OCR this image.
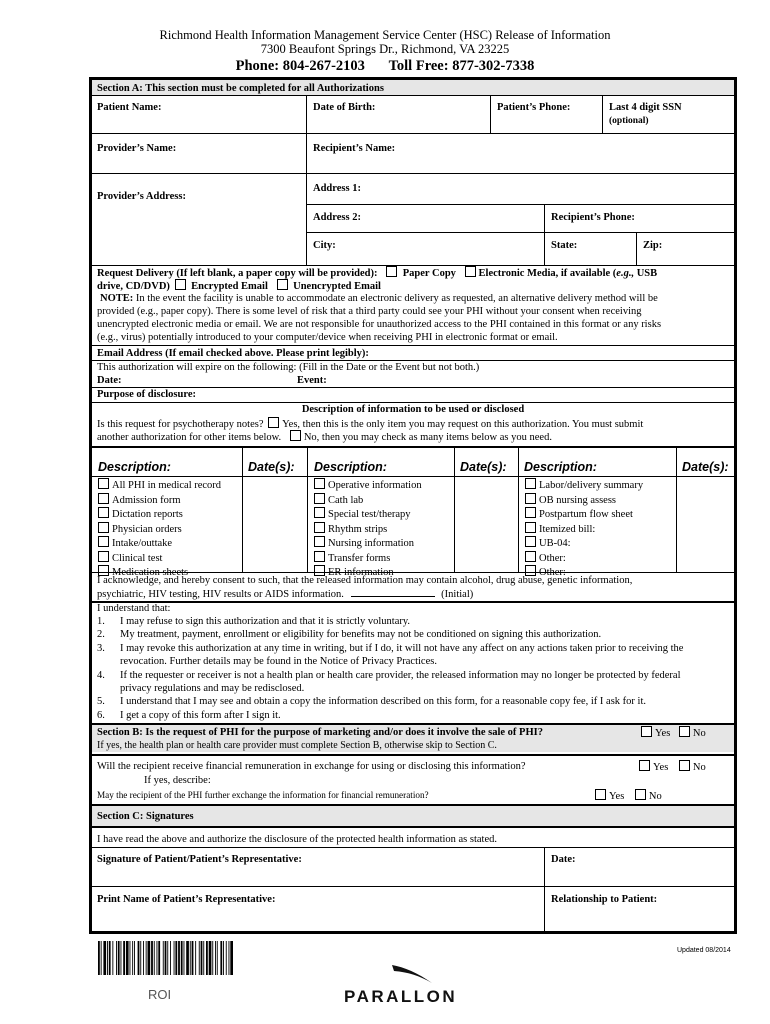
Richmond Health Information Management Service Center (HSC) Release of Information
7300 Beaufont Springs Dr., Richmond, VA 23225
Phone: 804-267-2103 Toll Free: 877-302-7338
Section A: This section must be completed for all Authorizations
Patient Name:	Date of Birth:	Patient’s Phone:	Last 4 digit SSN
(optional)
Provider’s Name:	Recipient’s Name:
Address 1:
Provider’s Address:
Address 2:	Recipient’s Phone:
City:	State:	Zip:
Request Delivery (If left blank, a paper copy will be provided): Paper Copy Electronic Media, if available (e.g., USB
drive, CD/DVD) Encrypted Email Unencrypted Email
NOTE: In the event the facility is unable to accommodate an electronic delivery as requested, an alternative delivery method will be
provided (e.g., paper copy). There is some level of risk that a third party could see your PHI without your consent when receiving
unencrypted electronic media or email. We are not responsible for unauthorized access to the PHI contained in this format or any risks
(e.g., virus) potentially introduced to your computer/device when receiving PHI in electronic format or email.
Email Address (If email checked above. Please print legibly):
This authorization will expire on the following: (Fill in the Date or the Event but not both.)
Date:	Event:
Purpose of disclosure:
Description of information to be used or disclosed
Is this request for psychotherapy notes? Yes, then this is the only item you may request on this authorization. You must submit
another authorization for other items below. No, then you may check as many items below as you need.
Description:	Date(s): Description:	Date(s): Description:	Date(s):
All PHI in medical record
Admission form
Dictation reports
Physician orders
Intake/outtake
Clinical test
Medication sheets
Operative information
Cath lab
Special test/therapy
Rhythm strips
Nursing information
Transfer forms
ER information
Labor/delivery summary
OB nursing assess
Postpartum flow sheet
Itemized bill:
UB-04:
Other:
Other:
I acknowledge, and hereby consent to such, that the released information may contain alcohol, drug abuse, genetic information,
psychiatric, HIV testing, HIV results or AIDS information.	(Initial)
I understand that:
1. I may refuse to sign this authorization and that it is strictly voluntary.
2. My treatment, payment, enrollment or eligibility for benefits may not be conditioned on signing this authorization.
3. I may revoke this authorization at any time in writing, but if I do, it will not have any affect on any actions taken prior to receiving the
revocation. Further details may be found in the Notice of Privacy Practices.
4. If the requester or receiver is not a health plan or health care provider, the released information may no longer be protected by federal
privacy regulations and may be redisclosed.
5. I understand that I may see and obtain a copy the information described on this form, for a reasonable copy fee, if I ask for it.
6. I get a copy of this form after I sign it.
Section B: Is the request of PHI for the purpose of marketing and/or does it involve the sale of PHI?	Yes No
If yes, the health plan or health care provider must complete Section B, otherwise skip to Section C.
Will the recipient receive financial remuneration in exchange for using or disclosing this information?	Yes No
If yes, describe:
May the recipient of the PHI further exchange the information for financial remuneration?	Yes No
Section C: Signatures
I have read the above and authorize the disclosure of the protected health information as stated.
Signature of Patient/Patient’s Representative:	Date:
Print Name of Patient’s Representative:	Relationship to Patient:
Updated 08/2014
ROI	PARALLON
